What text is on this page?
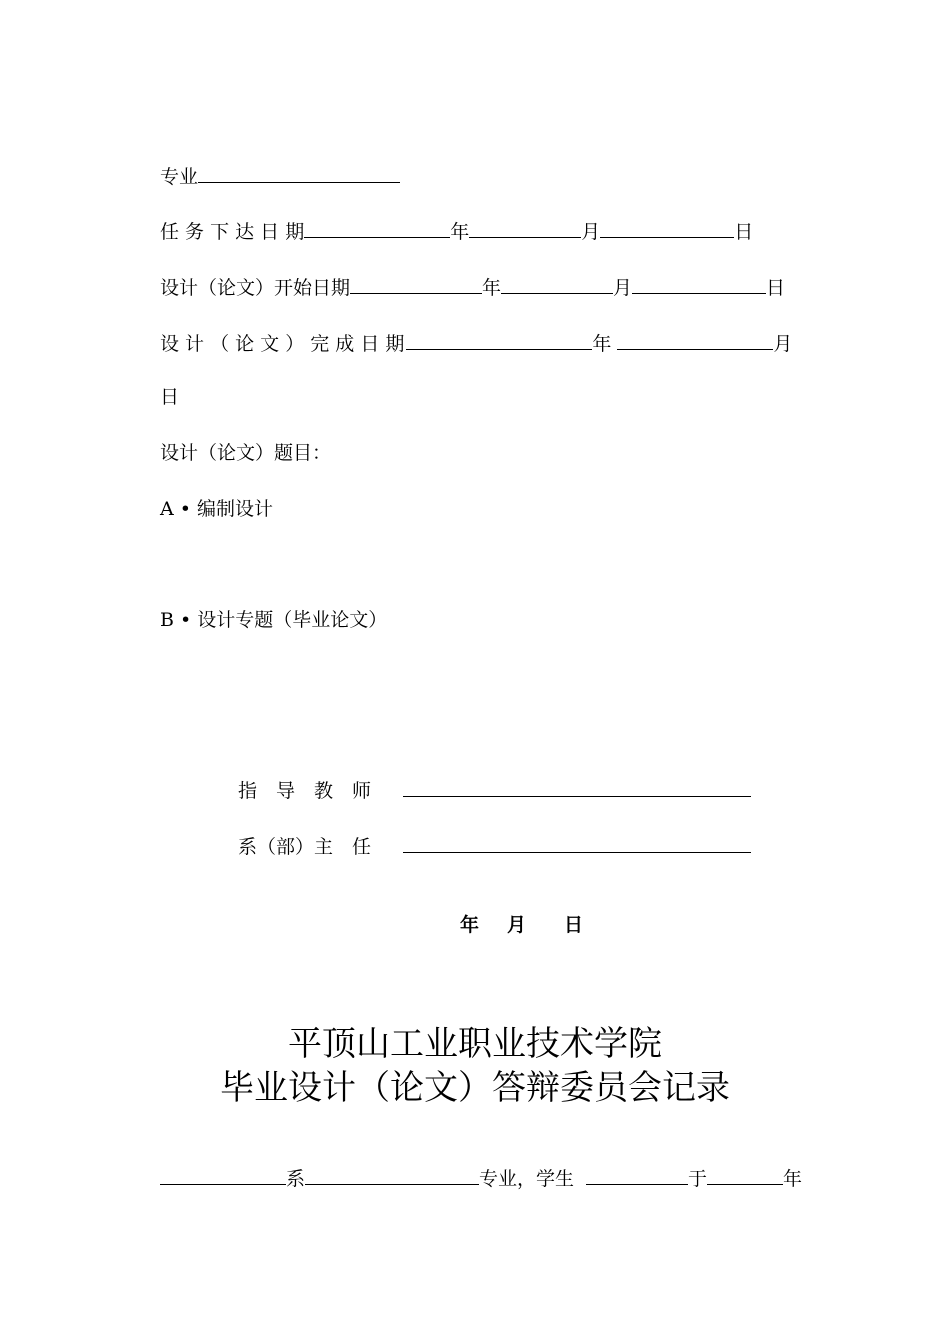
专业
任 务 下 达 日 期	年	月	日
设计（论文）开始日期	年	月	日
设 计 （ 论 文 ） 完 成 日 期	年	月
日
设计（论文）题目：
A • 编制设计
B • 设计专题（毕业论文）
指　导　教　师
系（部）主　任
年 月 日
平顶山工业职业技术学院
毕业设计（论文）答辩委员会记录
系	专业，学生	于	年
